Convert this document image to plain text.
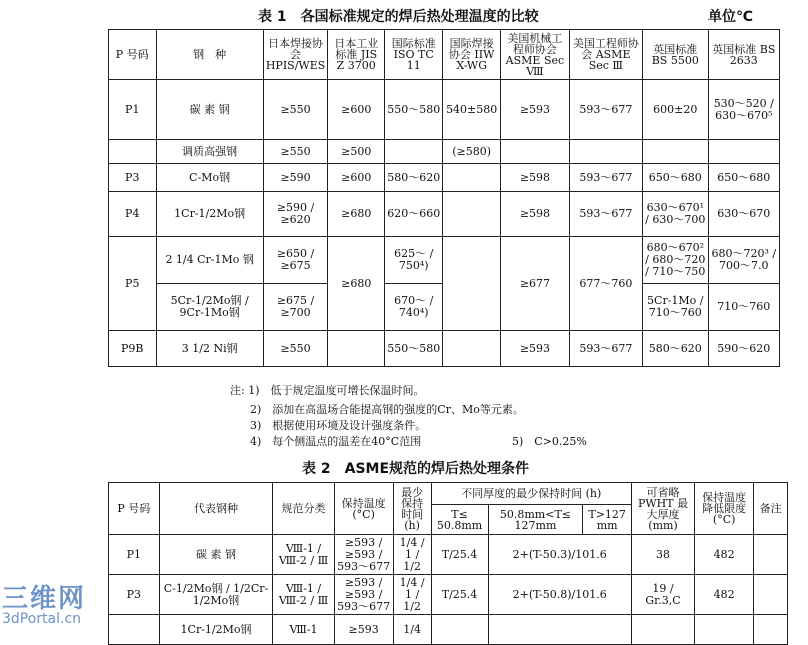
表 1　各国标准规定的焊后热处理温度的比较	单位℃
P 号码	钢　种	日本焊接协会 HPIS/WES	日本工业标准 JIS Z 3700	国际标准 ISO TC 11	国际焊接协会 IIW X-WG	美国机械工程师协会 ASME Sec Ⅷ	美国工程师协会 ASME Sec Ⅲ	英国标准 BS 5500	英国标准 BS 2633
P1	碳 素 钢	≥550	≥600	550～580	540±580	≥593	593～677	600±20	530～520 / 630～670⁵
	调质高强钢	≥550	≥500		(≥580)				
P3	C-Mo钢	≥590	≥600	580～620		≥598	593～677	650～680	650～680
P4	1Cr-1/2Mo钢	≥590 / ≥620	≥680	620～660		≥598	593～677	630～670¹ / 630～700	630～670
P5	2 1/4 Cr-1Mo 钢	≥650 / ≥675	≥680	625～ / 750⁴)		≥677	677～760	680～670² / 680～720 / 710～750	680～720³ / 700～7.0
	5Cr-1/2Mo钢 / 9Cr-1Mo钢	≥675 / ≥700		670～ / 740⁴)				5Cr-1Mo / 710～760	710～760
P9B	3 1/2 Ni钢	≥550		550～580		≥593	593～677	580～620	590～620
注: 1)　低于规定温度可增长保温时间。
2)　添加在高温场合能提高钢的强度的Cr、Mo等元素。
3)　根据使用环境及设计强度条件。
4)　每个侧温点的温差在40°C范围	5)　C>0.25%
表 2　ASME规范的焊后热处理条件
P 号码	代表钢种	规范分类	保持温度 (°C)	最少保持时间 (h)	不同厚度的最少保持时间 (h)			可省略PWHT 最大厚度 (mm)	保持温度 降低限度 (°C)	备注
					T≤ 50.8mm	50.8mm<T≤ 127mm	T>127 mm			
P1	碳 素 钢	Ⅷ-1 / Ⅷ-2 / Ⅲ	≥593 / ≥593 / 593～677	1/4 / 1 / 1/2	T/25.4	2+(T-50.3)/101.6		38	482	
P3	C-1/2Mo钢 / 1/2Cr-1/2Mo钢	Ⅷ-1 / Ⅷ-2 / Ⅲ	≥593 / ≥593 / 593～677	1/4 / 1 / 1/2	T/25.4	2+(T-50.8)/101.6		19 / Gr.3,C	482	
	1Cr-1/2Mo钢	Ⅷ-1	≥593	1/4						
三维网
3dPortal.cn
